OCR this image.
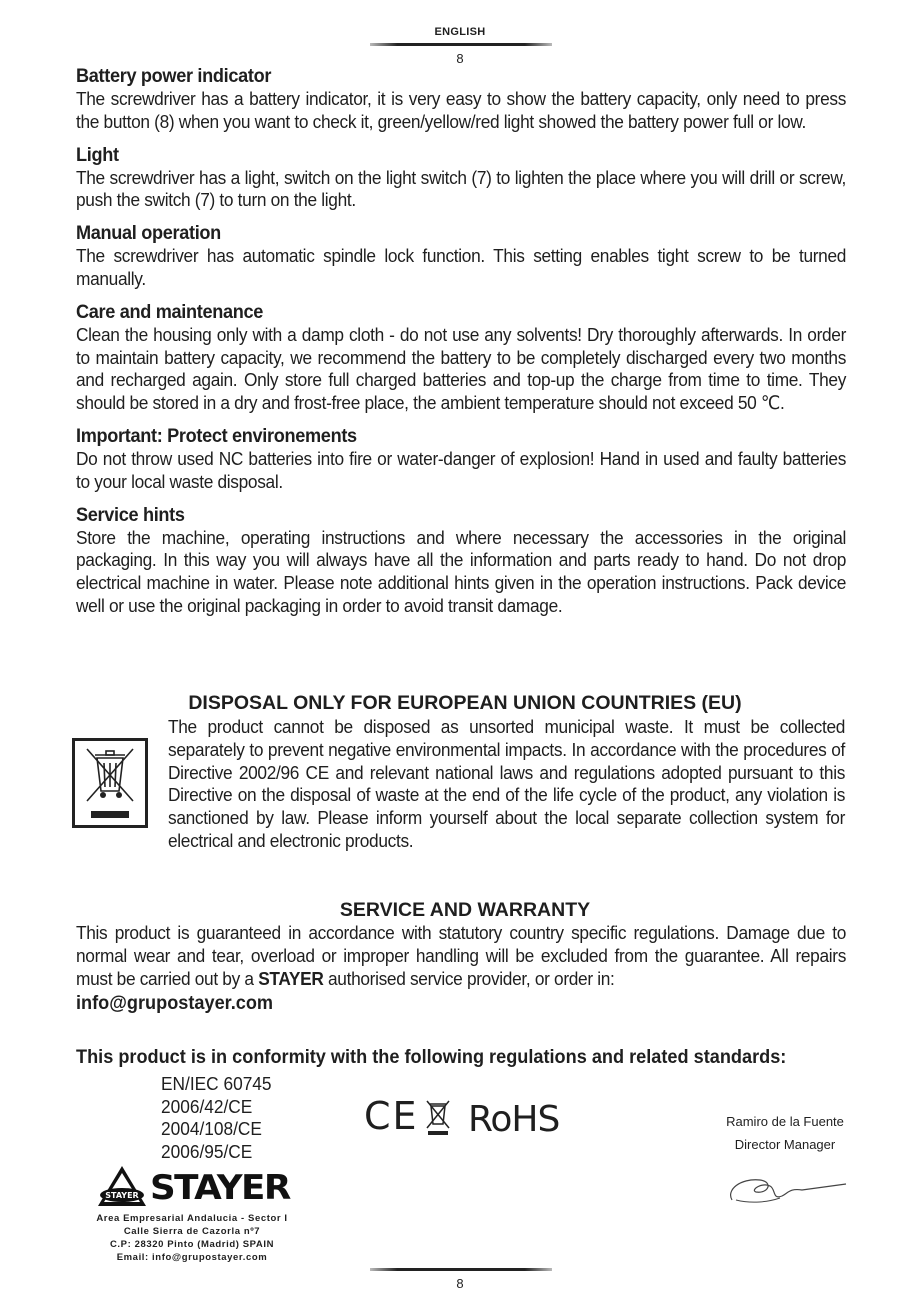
ENGLISH
8
Battery power indicator

The screwdriver has a battery indicator, it is very easy to show the battery capacity, only need to press the button (8) when you want to check it, green/yellow/red light showed the battery power full or low.

Light

The screwdriver has a light, switch on the light switch (7) to lighten the place where you will drill or screw, push the switch (7) to turn on the light.

Manual operation

The screwdriver has automatic spindle lock function. This setting enables tight screw to be turned manually.

Care and maintenance

Clean the housing only with a damp cloth - do not use any solvents! Dry thoroughly afterwards. In order to maintain battery capacity, we recommend the battery to be completely discharged every two months and recharged again. Only store full charged batteries and top-up the charge from time to time. They should be stored in a dry and frost-free place, the ambient temperature should not exceed 50 ℃.

Important: Protect environements

Do not throw used NC batteries into fire or water-danger of explosion! Hand in used and faulty batteries to your local waste disposal.

Service hints

Store the machine, operating instructions and where necessary the accessories in the original packaging. In this way you will always have all the information and parts ready to hand. Do not drop electrical machine in water. Please note additional hints given in the operation instructions. Pack device well or use the original packaging in order to avoid transit damage.

DISPOSAL ONLY FOR EUROPEAN UNION COUNTRIES (EU)
The product cannot be disposed as unsorted municipal waste. It must be collected separately to prevent negative environmental impacts. In accordance with the procedures of Directive 2002/96 CE and relevant national laws and regulations adopted pursuant to this Directive on the disposal of waste at the end of the life cycle of the product, any violation is sanctioned by law. Please inform yourself about the local separate collection system for electrical and electronic products.
SERVICE AND WARRANTY

This product is guaranteed in accordance with statutory country specific regulations. Damage due to normal wear and tear, overload or improper handling will be excluded from the guarantee. All repairs must be carried out by a STAYER authorised service provider, or order in:

info@grupostayer.com
This product is in conformity with the following regulations and related standards:
EN/IEC 60745
2006/42/CE
2004/108/CE
2006/95/CE
CE RoHS	Ramiro de la Fuente
Director Manager
STAYER STAYER
Area Empresarial Andalucia - Sector I
Calle Sierra de Cazorla nº7
C.P: 28320 Pinto (Madrid) SPAIN
Email: info@grupostayer.com
8
